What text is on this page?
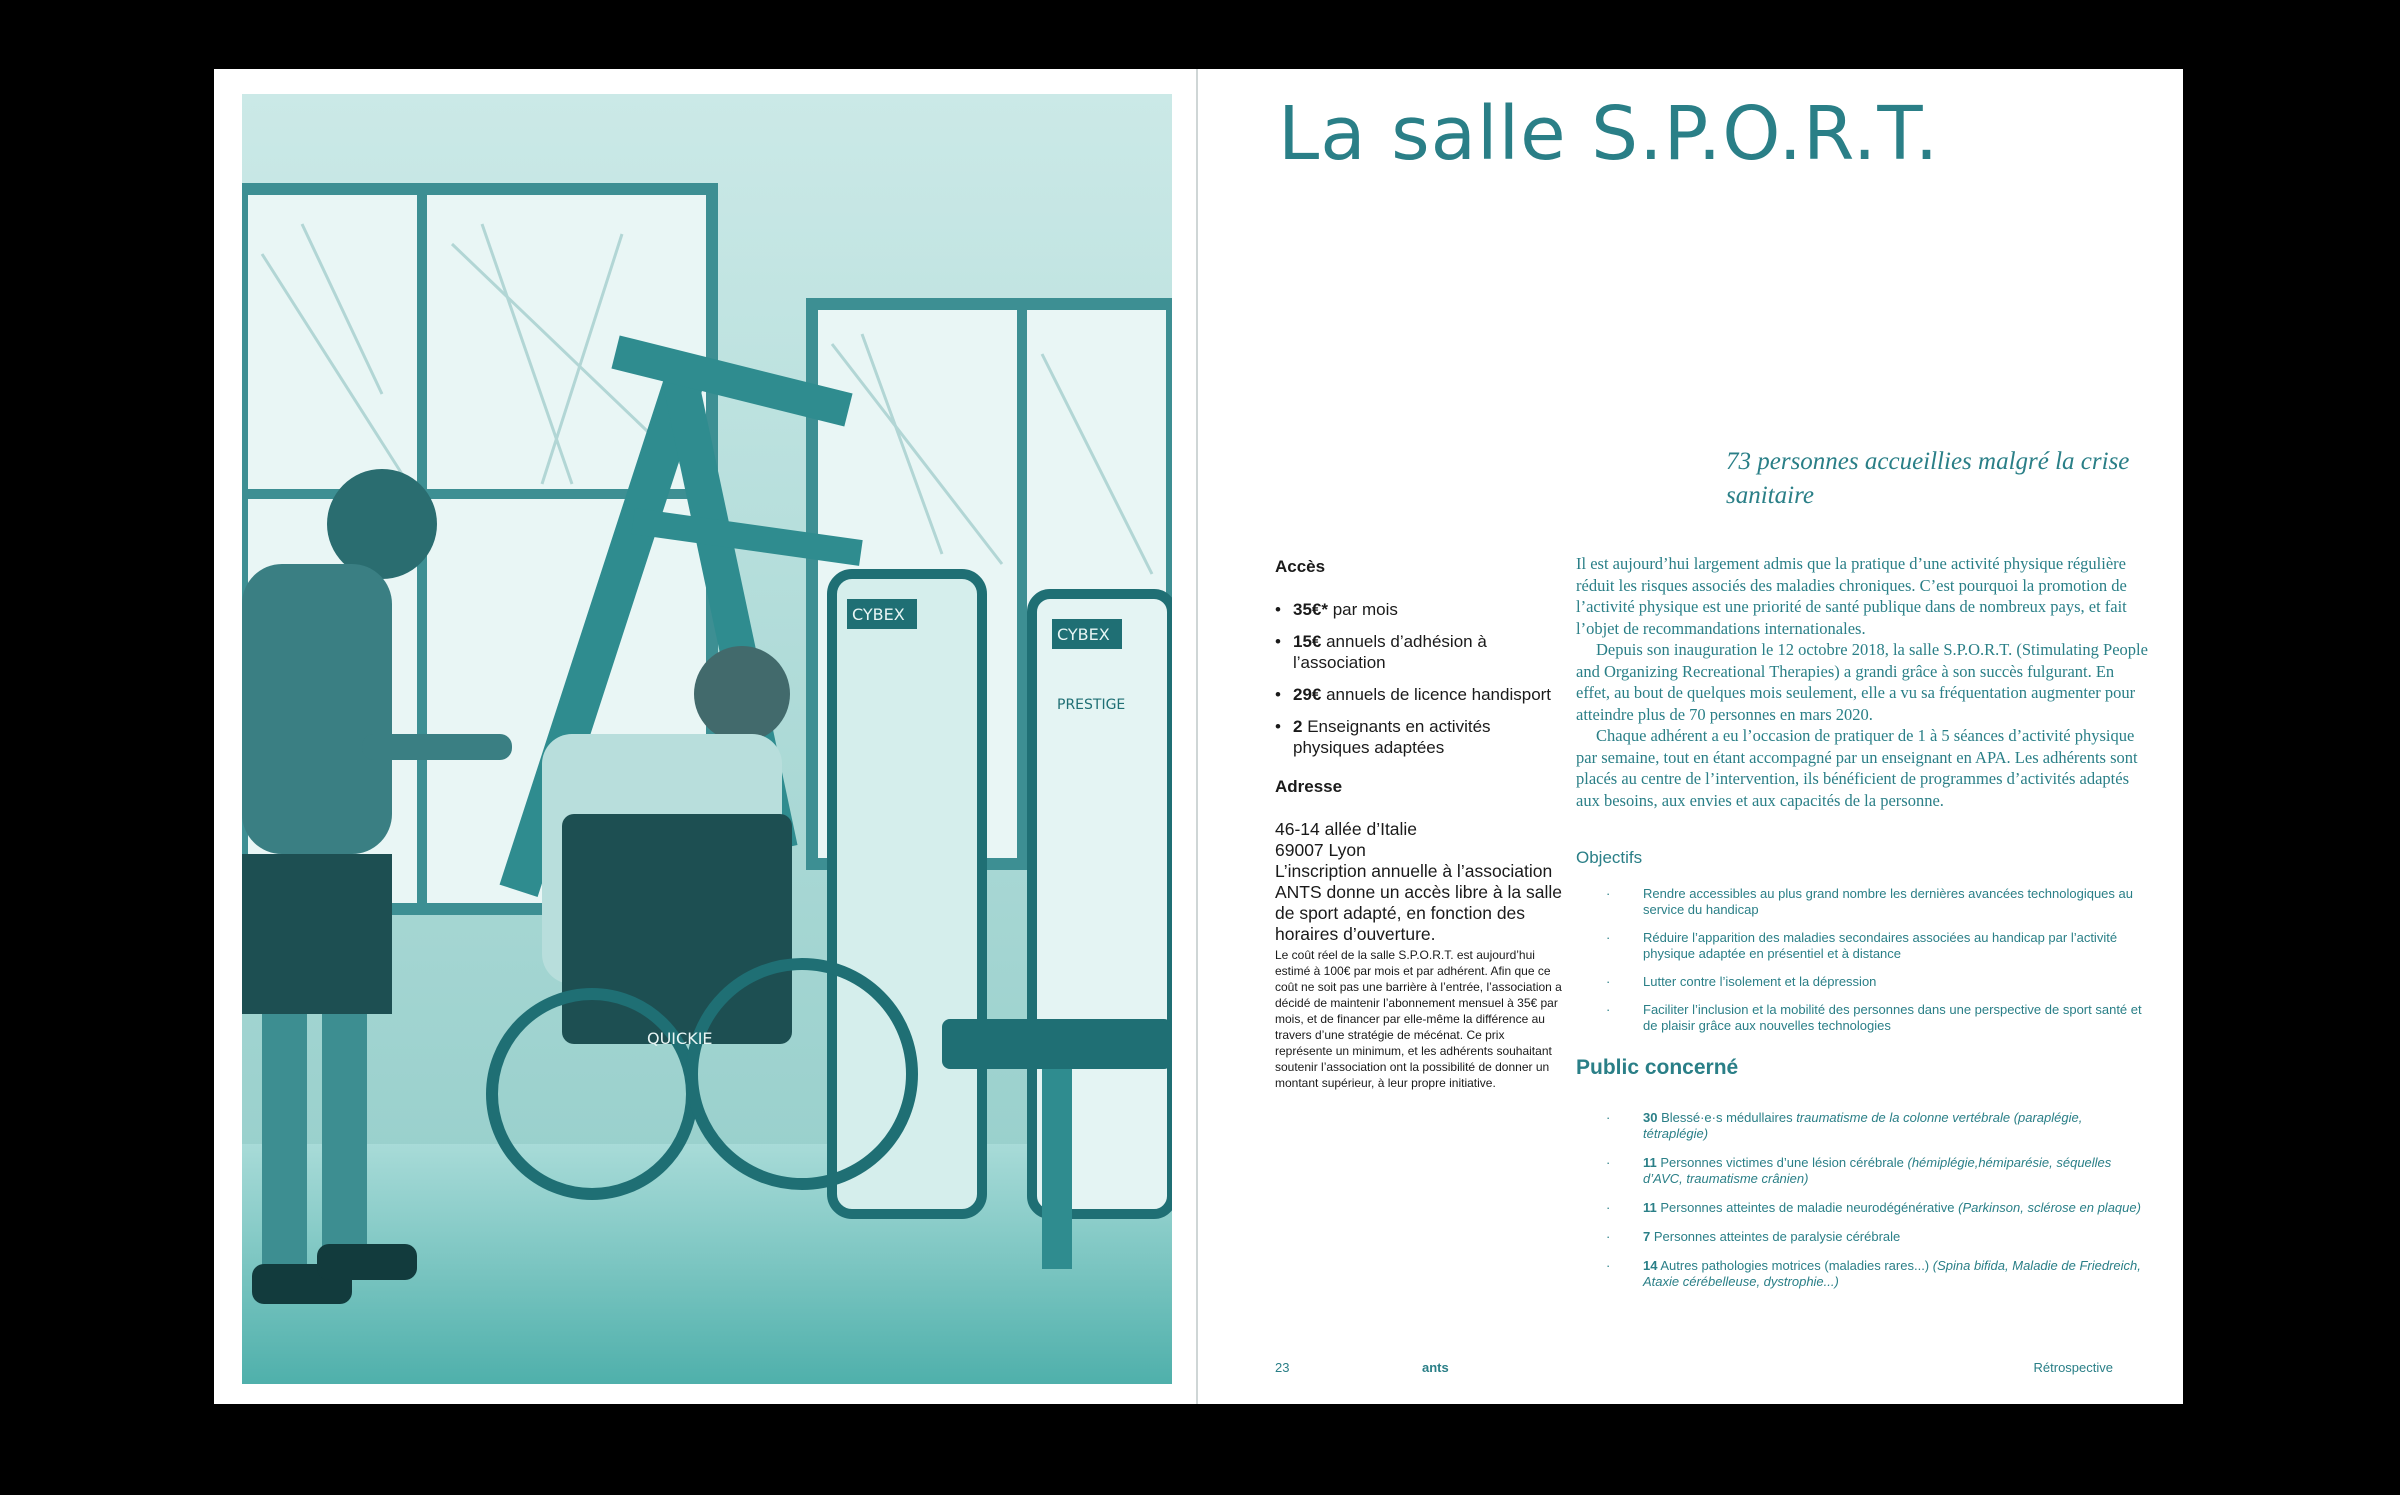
CYBEX
CYBEX
PRESTIGE
QUICKIE
La salle S.P.O.R.T.
73 personnes accueillies malgré la crise sanitaire
Accès
• 35€* par mois
• 15€ annuels d’adhésion à l’association
• 29€ annuels de licence handisport
• 2 Enseignants en activités physiques adaptées
Adresse

46-14 allée d’Italie

69007 Lyon

L’inscription annuelle à l’association ANTS donne un accès libre à la salle de sport adapté, en fonction des horaires d’ouverture.

Le coût réel de la salle S.P.O.R.T. est aujourd’hui estimé à 100€ par mois et par adhérent. Afin que ce coût ne soit pas une barrière à l’entrée, l’association a décidé de maintenir l’abonnement mensuel à 35€ par mois, et de financer par elle-même la différence au travers d’une stratégie de mécénat. Ce prix représente un minimum, et les adhérents souhaitant soutenir l’association ont la possibilité de donner un montant supérieur, à leur propre initiative.

Il est aujourd’hui largement admis que la pratique d’une activité physique régulière réduit les risques associés des maladies chroniques. C’est pourquoi la promotion de l’activité physique est une priorité de santé publique dans de nombreux pays, et fait l’objet de recommandations internationales.

Depuis son inauguration le 12 octobre 2018, la salle S.P.O.R.T. (Stimulating People and Organizing Recreational Therapies) a grandi grâce à son succès fulgurant. En effet, au bout de quelques mois seulement, elle a vu sa fréquentation augmenter pour atteindre plus de 70 personnes en mars 2020.

Chaque adhérent a eu l’occasion de pratiquer de 1 à 5 séances d’activité physique par semaine, tout en étant accompagné par un enseignant en APA. Les adhérents sont placés au centre de l’intervention, ils bénéficient de programmes d’activités adaptés aux besoins, aux envies et aux capacités de la personne.

Objectifs
· Rendre accessibles au plus grand nombre les dernières avancées technologiques au service du handicap
· Réduire l’apparition des maladies secondaires associées au handicap par l’activité physique adaptée en présentiel et à distance
· Lutter contre l’isolement et la dépression
· Faciliter l’inclusion et la mobilité des personnes dans une perspective de sport santé et de plaisir grâce aux nouvelles technologies
Public concerné
· 30 Blessé·e·s médullaires traumatisme de la colonne vertébrale (paraplégie, tétraplégie)
· 11 Personnes victimes d’une lésion cérébrale (hémiplégie,hémiparésie, séquelles d’AVC, traumatisme crânien)
· 11 Personnes atteintes de maladie neurodégénérative (Parkinson, sclérose en plaque)
· 7 Personnes atteintes de paralysie cérébrale
· 14 Autres pathologies motrices (maladies rares...) (Spina bifida, Maladie de Friedreich, Ataxie cérébelleuse, dystrophie...)
23	ants	Rétrospective
